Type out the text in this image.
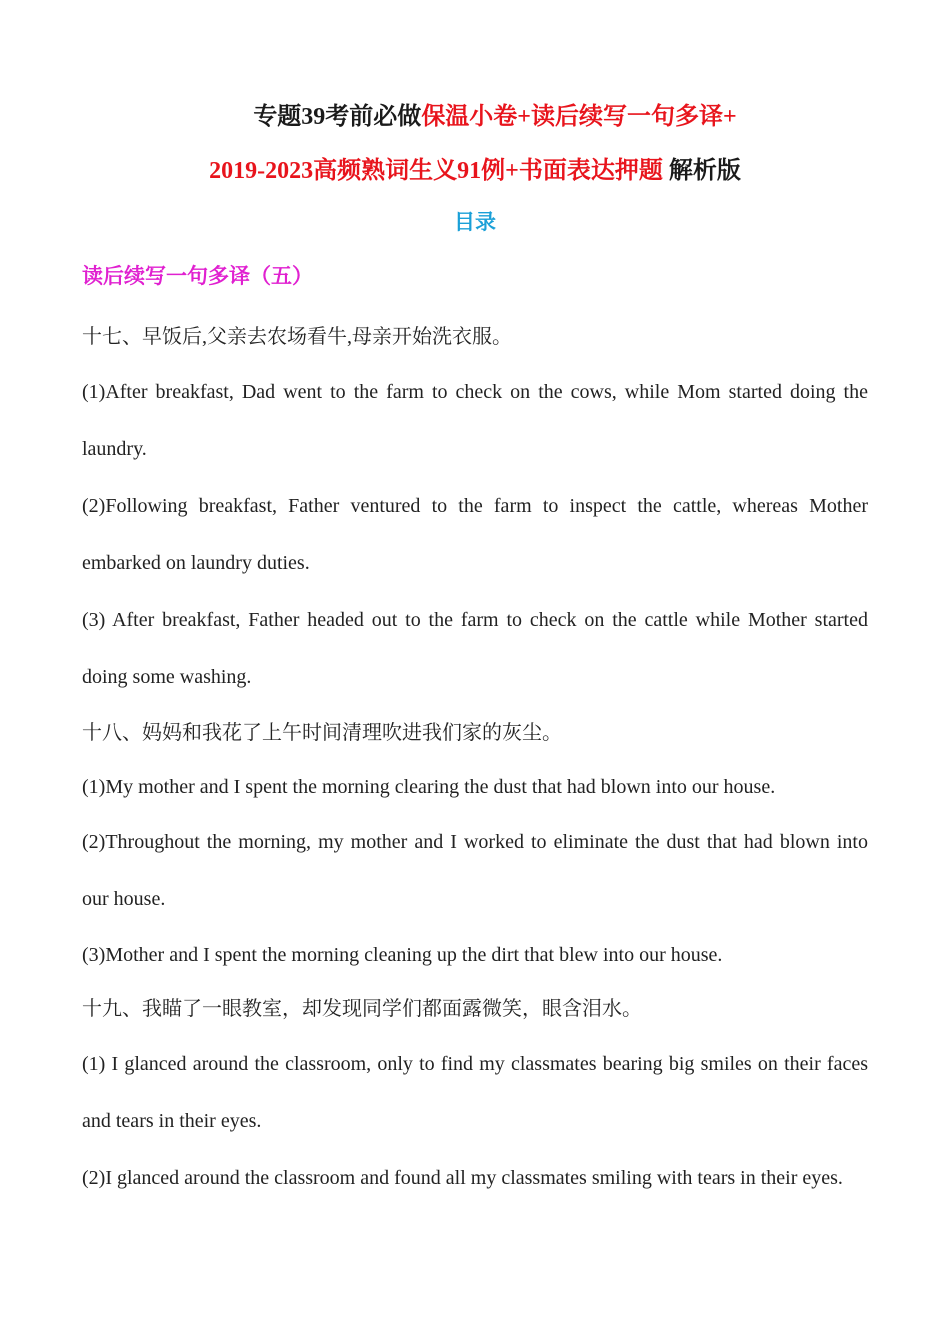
专题39考前必做保温小卷+读后续写一句多译+
2019-2023高频熟词生义91例+书面表达押题 解析版
目录
读后续写一句多译（五）

十七、早饭后,父亲去农场看牛,母亲开始洗衣服。

(1)After breakfast, Dad went to the farm to check on the cows, while Mom started doing the laundry.

(2)Following breakfast, Father ventured to the farm to inspect the cattle, whereas Mother embarked on laundry duties.

(3) After breakfast, Father headed out to the farm to check on the cattle while Mother started doing some washing.

十八、妈妈和我花了上午时间清理吹进我们家的灰尘。

(1)My mother and I spent the morning clearing the dust that had blown into our house.

(2)Throughout the morning, my mother and I worked to eliminate the dust that had blown into our house.

(3)Mother and I spent the morning cleaning up the dirt that blew into our house.

十九、我瞄了一眼教室，却发现同学们都面露微笑，眼含泪水。

(1) I glanced around the classroom, only to find my classmates bearing big smiles on their faces and tears in their eyes.

(2)I glanced around the classroom and found all my classmates smiling with tears in their eyes.
